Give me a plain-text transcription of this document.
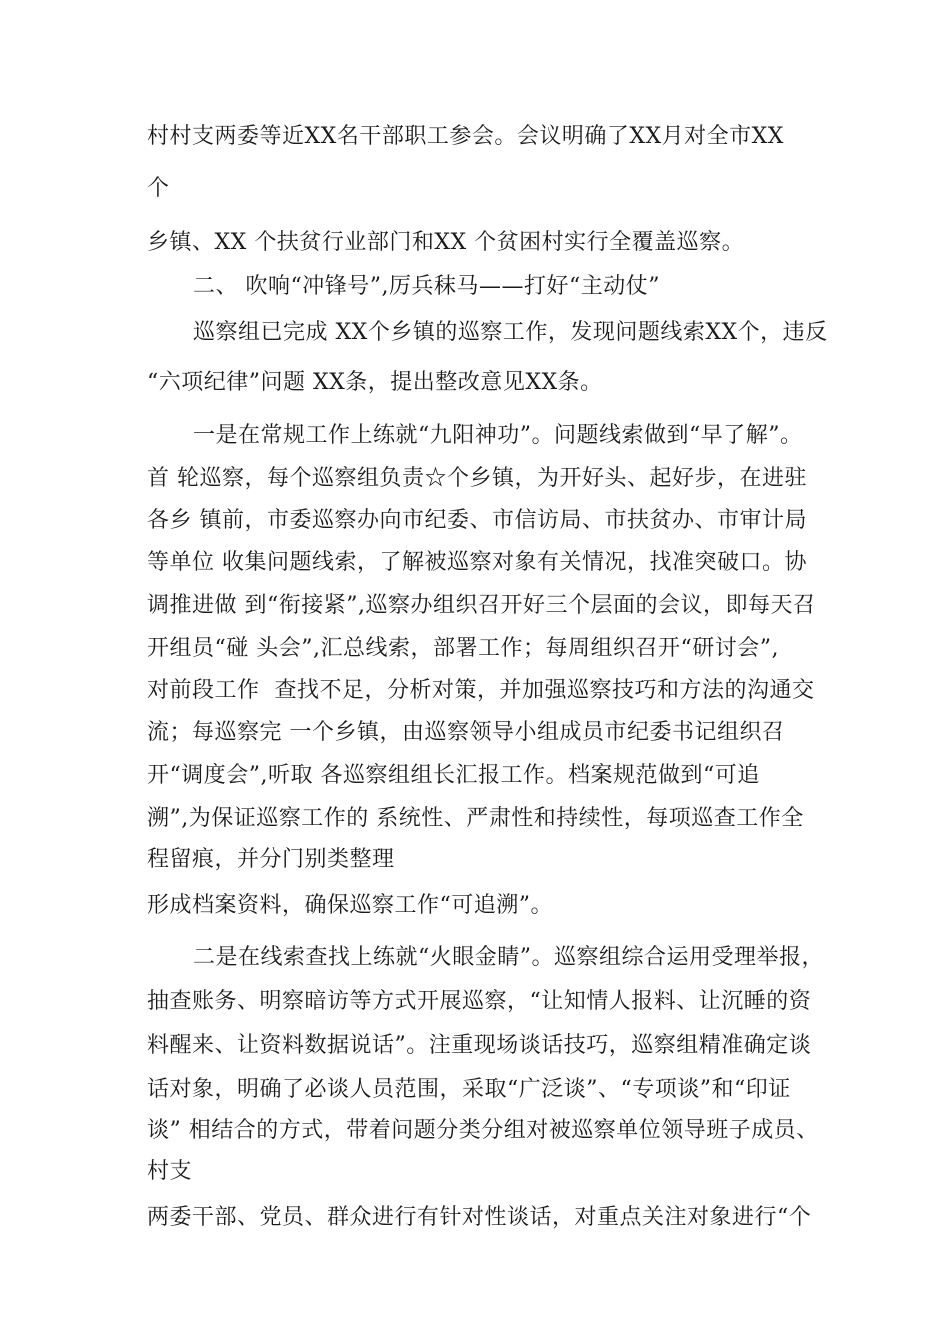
村村支两委等近XX名干部职工参会。会议明确了XX月对全市XX
个
乡镇、XX 个扶贫行业部门和XX 个贫困村实行全覆盖巡察。
二、 吹响“冲锋号”,厉兵秣马——打好“主动仗”
巡察组已完成 XX个乡镇的巡察工作，发现问题线索XX个，违反
“六项纪律”问题 XX条，提出整改意见XX条。
一是在常规工作上练就“九阳神功”。问题线索做到“早了解”。
首 轮巡察，每个巡察组负责☆个乡镇，为开好头、起好步，在进驻
各乡 镇前，市委巡察办向市纪委、市信访局、市扶贫办、市审计局
等单位 收集问题线索，了解被巡察对象有关情况，找准突破口。协
调推进做 到“衔接紧”,巡察办组织召开好三个层面的会议，即每天召
开组员“碰 头会”,汇总线索，部署工作；每周组织召开“研讨会”,
对前段工作  查找不足，分析对策，并加强巡察技巧和方法的沟通交
流；每巡察完 一个乡镇，由巡察领导小组成员市纪委书记组织召
开“调度会”,听取 各巡察组组长汇报工作。档案规范做到“可追
溯”,为保证巡察工作的 系统性、严肃性和持续性，每项巡查工作全
程留痕，并分门别类整理
形成档案资料，确保巡察工作“可追溯”。
二是在线索查找上练就“火眼金睛”。巡察组综合运用受理举报，
抽查账务、明察暗访等方式开展巡察，“让知情人报料、让沉睡的资
料醒来、让资料数据说话”。注重现场谈话技巧，巡察组精准确定谈
话对象，明确了必谈人员范围，采取“广泛谈”、“专项谈”和“印证
谈” 相结合的方式，带着问题分类分组对被巡察单位领导班子成员、
村支
两委干部、党员、群众进行有针对性谈话，对重点关注对象进行“个
